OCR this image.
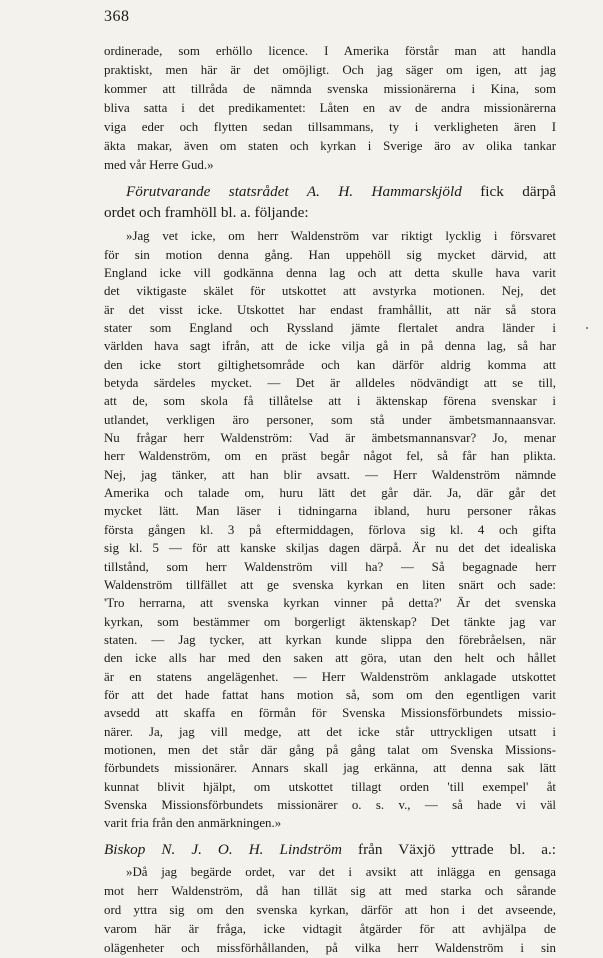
368
ordinerade, som erhöllo licence. I Amerika förstår man att handla
praktiskt, men här är det omöjligt. Och jag säger om igen, att jag
kommer att tillråda de nämnda svenska missionärerna i Kina, som
bliva satta i det predikamentet: Låten en av de andra missionärerna
viga eder och flytten sedan tillsammans, ty i verkligheten ären I
äkta makar, även om staten och kyrkan i Sverige äro av olika tankar
med vår Herre Gud.»
Förutvarande statsrådet A. H. Hammarskjöld fick därpå
ordet och framhöll bl. a. följande:
»Jag vet icke, om herr Waldenström var riktigt lycklig i försvaret
för sin motion denna gång. Han uppehöll sig mycket därvid, att
England icke vill godkänna denna lag och att detta skulle hava varit
det viktigaste skälet för utskottet att avstyrka motionen. Nej, det
är det visst icke. Utskottet har endast framhållit, att när så stora
stater som England och Ryssland jämte flertalet andra länder i
världen hava sagt ifrån, att de icke vilja gå in på denna lag, så har
den icke stort giltighetsområde och kan därför aldrig komma att
betyda särdeles mycket. — Det är alldeles nödvändigt att se till,
att de, som skola få tillåtelse att i äktenskap förena svenskar i
utlandet, verkligen äro personer, som stå under ämbetsmannaansvar.
Nu frågar herr Waldenström: Vad är ämbetsmannansvar? Jo, menar
herr Waldenström, om en präst begår något fel, så får han plikta.
Nej, jag tänker, att han blir avsatt. — Herr Waldenström nämnde
Amerika och talade om, huru lätt det går där. Ja, där går det
mycket lätt. Man läser i tidningarna ibland, huru personer råkas
första gången kl. 3 på eftermiddagen, förlova sig kl. 4 och gifta
sig kl. 5 — för att kanske skiljas dagen därpå. Är nu det det idealiska
tillstånd, som herr Waldenström vill ha? — Så begagnade herr
Waldenström tillfället att ge svenska kyrkan en liten snärt och sade:
'Tro herrarna, att svenska kyrkan vinner på detta?' Är det svenska
kyrkan, som bestämmer om borgerligt äktenskap? Det tänkte jag var
staten. — Jag tycker, att kyrkan kunde slippa den förebråelsen, när
den icke alls har med den saken att göra, utan den helt och hållet
är en statens angelägenhet. — Herr Waldenström anklagade utskottet
för att det hade fattat hans motion så, som om den egentligen varit
avsedd att skaffa en förmån för Svenska Missionsförbundets missio-
närer. Ja, jag vill medge, att det icke står uttryckligen utsatt i
motionen, men det står där gång på gång talat om Svenska Missions-
förbundets missionärer. Annars skall jag erkänna, att denna sak lätt
kunnat blivit hjälpt, om utskottet tillagt orden 'till exempel' åt
Svenska Missionsförbundets missionärer o. s. v., — så hade vi väl
varit fria från den anmärkningen.»
Biskop N. J. O. H. Lindström från Växjö yttrade bl. a.:
»Då jag begärde ordet, var det i avsikt att inlägga en gensaga
mot herr Waldenström, då han tillät sig att med starka och sårande
ord yttra sig om den svenska kyrkan, därför att hon i det avseende,
varom här är fråga, icke vidtagit åtgärder för att avhjälpa de
olägenheter och missförhållanden, på vilka herr Waldenström i sin
